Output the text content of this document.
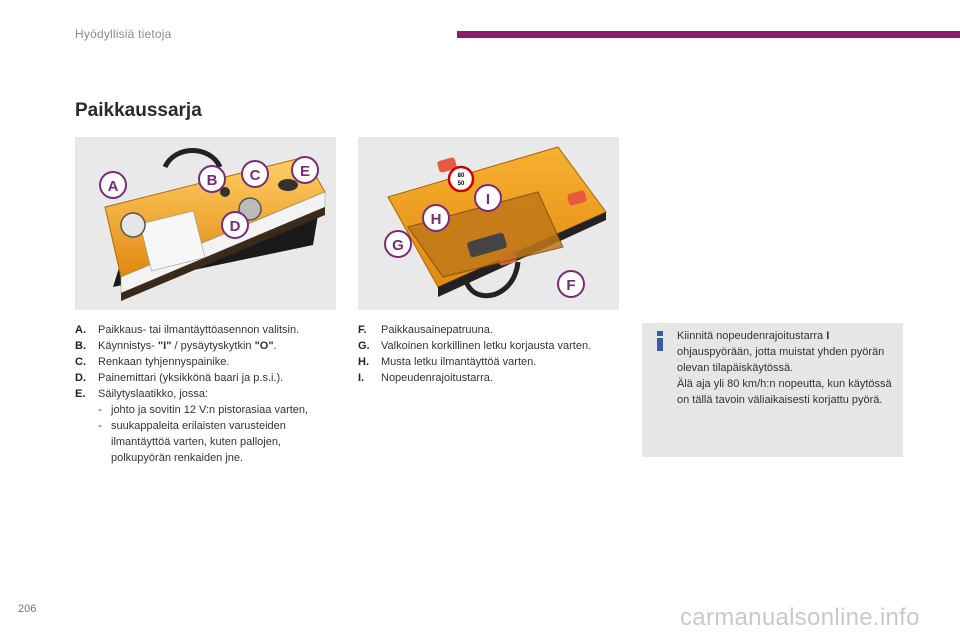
Hyödyllisiä tietoja
Paikkaussarja
A	B C
D
E	80
50
F
G
H
I
A.	Paikkaus- tai ilmantäyttöasennon valitsin.
B.	Käynnistys- "I" / pysäytyskytkin "O".
C.	Renkaan tyhjennyspainike.
D.	Painemittari (yksikkönä baari ja p.s.i.).
E.	Säilytyslaatikko, jossa:
- johto ja sovitin 12 V:n pistorasiaa varten,
- suukappaleita erilaisten varusteiden ilmantäyttöä varten, kuten pallojen, polkupyörän renkaiden jne.
F.	Paikkausainepatruuna.
G.	Valkoinen korkillinen letku korjausta varten.
H.	Musta letku ilmantäyttöä varten.
I.	Nopeudenrajoitustarra.
Kiinnitä nopeudenrajoitustarra I ohjauspyörään, jotta muistat yhden pyörän olevan tilapäiskäytössä.
Älä aja yli 80 km/h:n nopeutta, kun käytössä on tällä tavoin väliaikaisesti korjattu pyörä.
206	carmanualsonline.info
